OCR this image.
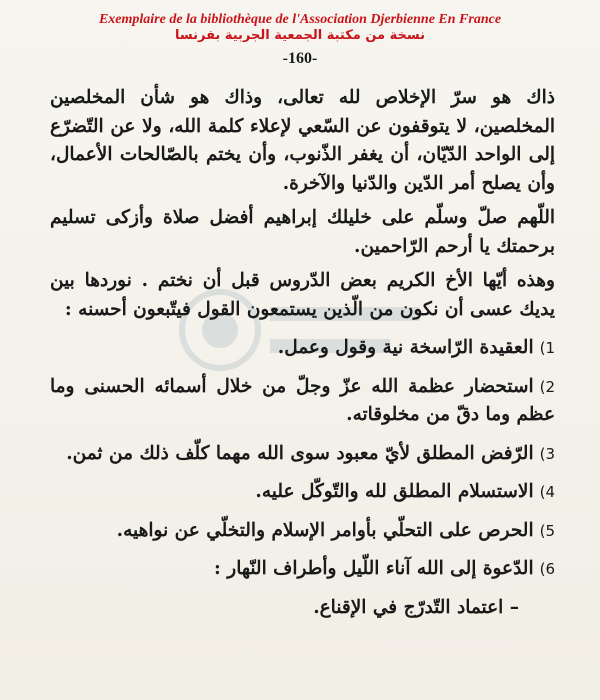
Exemplaire de la bibliothèque de l'Association Djerbienne En France
نسخة من مكتبة الجمعية الجربية بفرنسا
-160-

ذاك هو سرّ الإخلاص لله تعالى، وذاك هو شأن المخلصين المخلصين، لا يتوقفون عن السّعي لإعلاء كلمة الله، ولا عن التّضرّع إلى الواحد الدّيّان، أن يغفر الذّنوب، وأن يختم بالصّالحات الأعمال، وأن يصلح أمر الدّين والدّنيا والآخرة.

اللّهم صلّ وسلّم على خليلك إبراهيم أفضل صلاة وأزكى تسليم برحمتك يا أرحم الرّاحمين.

وهذه أيّها الأخ الكريم بعض الدّروس قبل أن نختم . نوردها بين يديك عسى أن نكون من الّذين يستمعون القول فيتّبعون أحسنه :

1)العقيدة الرّاسخة نية وقول وعمل.
2)استحضار عظمة الله عزّ وجلّ من خلال أسمائه الحسنى وما عظم وما دقّ من مخلوقاته.
3)الرّفض المطلق لأيّ معبود سوى الله مهما كلّف ذلك من ثمن.
4)الاستسلام المطلق لله والتّوكّل عليه.
5)الحرص على التحلّي بأوامر الإسلام والتخلّي عن نواهيه.
6)الدّعوة إلى الله آناء اللّيل وأطراف النّهار :

– اعتماد التّدرّج في الإقناع.
